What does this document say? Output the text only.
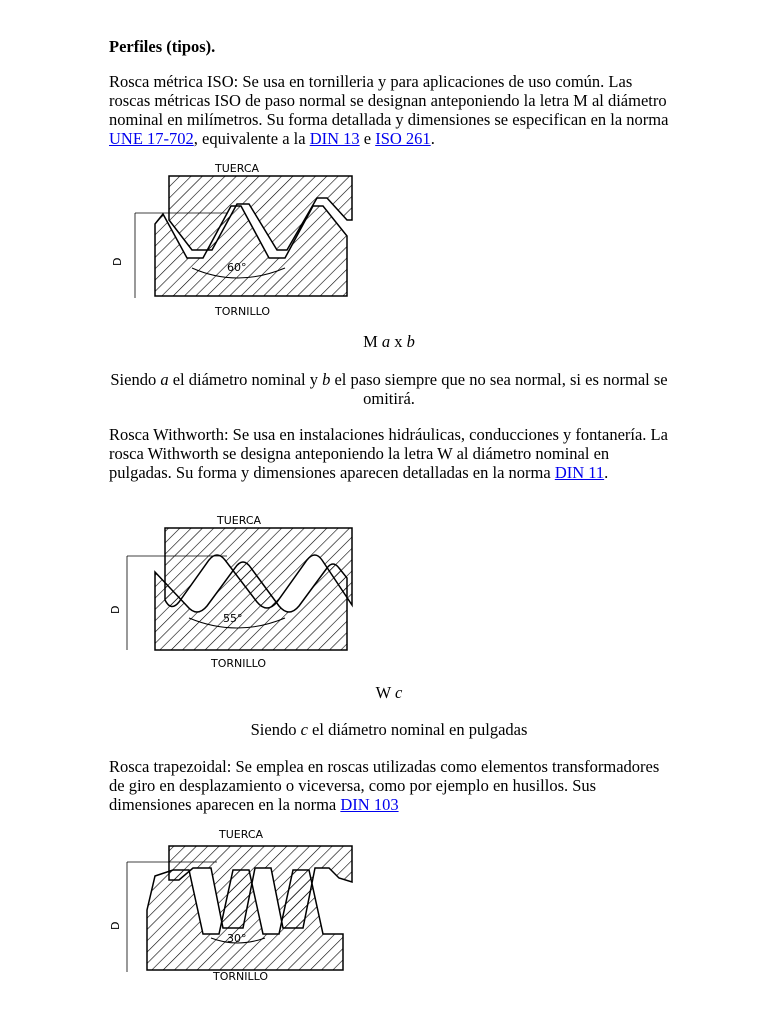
Perfiles (tipos).
Rosca métrica ISO: Se usa en tornilleria y para aplicaciones de uso común. Las roscas métricas ISO de paso normal se designan anteponiendo la letra M al diámetro nominal en milímetros. Su forma detallada y dimensiones se especifican en la norma UNE 17-702, equivalente a la DIN 13 e ISO 261.
TUERCA
TORNILLO
60°
D
M a x b
Siendo a el diámetro nominal y b el paso siempre que no sea normal, si es normal se omitirá.
Rosca Withworth: Se usa en instalaciones hidráulicas, conducciones y fontanería. La rosca Withworth se designa anteponiendo la letra W al diámetro nominal en pulgadas. Su forma y dimensiones aparecen detalladas en la norma DIN 11.
TUERCA
TORNILLO
55°
D
W c
Siendo c el diámetro nominal en pulgadas
Rosca trapezoidal: Se emplea en roscas utilizadas como elementos transformadores de giro en desplazamiento o viceversa, como por ejemplo en husillos. Sus dimensiones aparecen en la norma DIN 103
TUERCA
TORNILLO
30°
D
